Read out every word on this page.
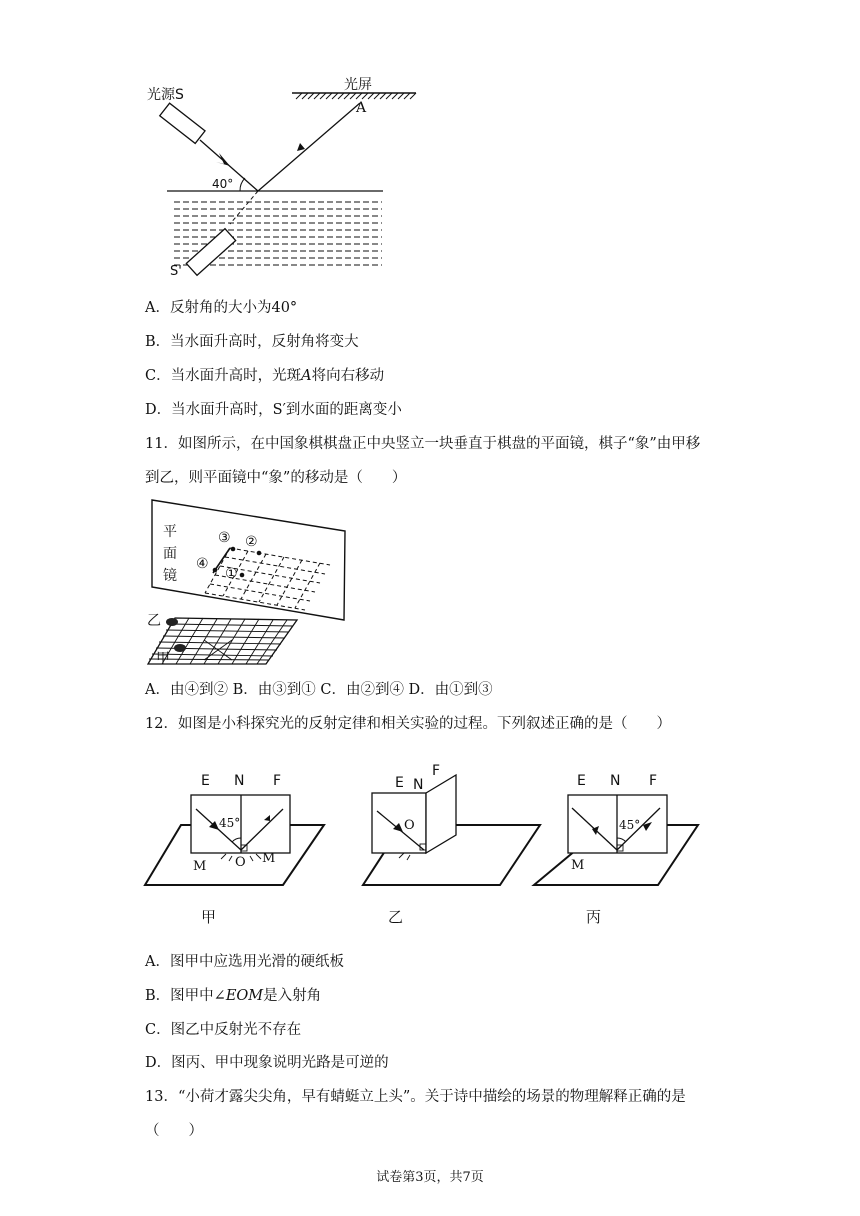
光源S
光屏
A
40°
S'
A．反射角的大小为40°
B．当水面升高时，反射角将变大
C．当水面升高时，光斑A将向右移动
D．当水面升高时，S′到水面的距离变小
11．如图所示，在中国象棋棋盘正中央竖立一块垂直于棋盘的平面镜，棋子“象”由甲移
到乙，则平面镜中“象”的移动是（　　）
平
面
镜
③ ②
④
①
乙
甲
A．由④到② B．由③到① C．由②到④ D．由①到③
12．如图是小科探究光的反射定律和相关实验的过程。下列叙述正确的是（　　）
E N F
45°
O
M
M
E N
F
O
E N F
45°
M
甲	乙	丙
A．图甲中应选用光滑的硬纸板
B．图甲中∠EOM是入射角
C．图乙中反射光不存在
D．图丙、甲中现象说明光路是可逆的
13．“小荷才露尖尖角，早有蜻蜓立上头”。关于诗中描绘的场景的物理解释正确的是
（　　）
试卷第3页，共7页
